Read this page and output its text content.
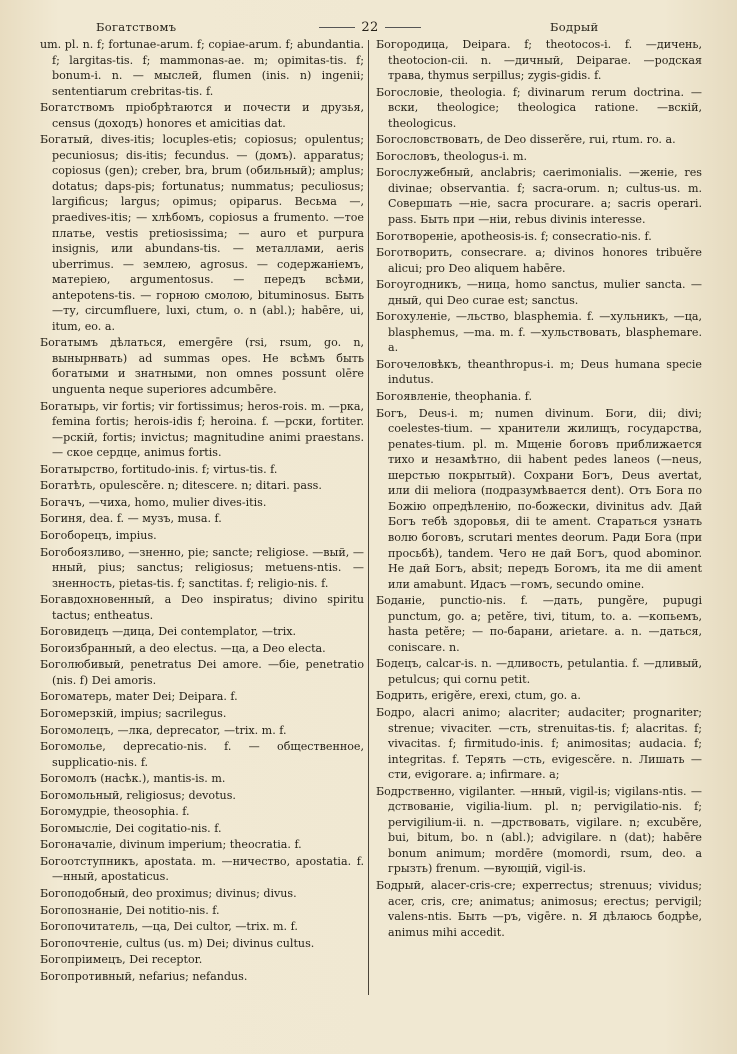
Богатствомъ	22	Бодрый
um. pl. n. f; fortunae-arum. f; copiae-arum. f; abundantia. f; largitas-tis. f; mammonas-ae. m; opimitas-tis. f; bonum-i. n. — мыслей, flumen (inis. n) ingenii; sententiarum crebritas-tis. f.
Богатствомъ пріобрѣтаются и почести и друзья, census (доходъ) honores et amicitias dat.
Богатый, dives-itis; locuples-etis; copiosus; opulentus; pecuniosus; dis-itis; fecundus. — (домъ). apparatus; copiosus (gen); creber, bra, brum (обильный); amplus; dotatus; daps-pis; fortunatus; nummatus; peculiosus; largificus; largus; opimus; opiparus. Весьма —, praedives-itis; — хлѣбомъ, copiosus a frumento. —тое платье, vestis pretiosissima; — auro et purpura insignis, или abundans-tis. — металлами, aeris uberrimus. — землею, agrosus. — содержаніемъ, матеріею, argumentosus. — передъ всѣми, antepotens-tis. — горною смолою, bituminosus. Быть —ту, circumfluere, luxi, ctum, o. n (abl.); habēre, ui, itum, eo. a.
Богатымъ дѣлаться, emergēre (rsi, rsum, go. n, вынырнвать) ad summas opes. Не всѣмъ быть богатыми и знатными, non omnes possunt olēre unguenta neque superiores adcumbēre.
Богатырь, vir fortis; vir fortissimus; heros-rois. m. —рка, femina fortis; herois-idis f; heroina. f. —рски, fortiter. —рскій, fortis; invictus; magnitudine animi praestans. — ское сердце, animus fortis.
Богатырство, fortitudo-inis. f; virtus-tis. f.
Богатѣть, opulescĕre. n; ditescere. n; ditari. pass.
Богачъ, —чиха, homo, mulier dives-itis.
Богиня, dea. f. — музъ, musa. f.
Богоборецъ, impius.
Богобоязливо, —зненно, pie; sancte; religiose. —вый, —нный, pius; sanctus; religiosus; metuens-ntis. —зненность, pietas-tis. f; sanctitas. f; religio-nis. f.
Богавдохновенный, a Deo inspiratus; divino spiritu tactus; entheatus.
Боговидецъ —дица, Dei contemplator, —trix.
Богоизбранный, a deo electus. —ца, a Deo electa.
Боголюбивый, penetratus Dei amore. —біе, penetratio (nis. f) Dei amoris.
Богоматерь, mater Dei; Deipara. f.
Богомерзкій, impius; sacrilegus.
Богомолецъ, —лка, deprecator, —trix. m. f.
Богомолье, deprecatio-nis. f. — общественное, supplicatio-nis. f.
Богомолъ (насѣк.), mantis-is. m.
Богомольный, religiosus; devotus.
Богомудріе, theosophia. f.
Богомысліе, Dei cogitatio-nis. f.
Богоначаліе, divinum imperium; theocratia. f.
Богоотступникъ, apostata. m. —ничество, apostatia. f. —нный, apostaticus.
Богоподобный, deo proximus; divinus; divus.
Богопознаніе, Dei notitio-nis. f.
Богопочитатель, —ца, Dei cultor, —trix. m. f.
Богопочтеніе, cultus (us. m) Dei; divinus cultus.
Богопріимецъ, Dei receptor.
Богопротивный, nefarius; nefandus.
Богородица, Deipara. f; theotocos-i. f. —дичень, theotocion-cii. n. —дичный, Deiparae. —родская трава, thymus serpillus; zygis-gidis. f.
Богословіе, theologia. f; divinarum rerum doctrina. — вски, theologice; theologica ratione. —вскій, theologicus.
Богословствовать, de Deo disserĕre, rui, rtum. ro. a.
Богословъ, theologus-i. m.
Богослужебный, anclabris; caerimonialis. —женіе, res divinae; observantia. f; sacra-orum. n; cultus-us. m. Совершать —ніе, sacra procurare. a; sacris operari. pass. Быть при —ніи, rebus divinis interesse.
Боготвореніе, apotheosis-is. f; consecratio-nis. f.
Боготворить, consecrare. a; divinos honores tribuĕre alicui; pro Deo aliquem habēre.
Богоугодникъ, —ница, homo sanctus, mulier sancta. —дный, qui Deo curae est; sanctus.
Богохуленіе, —льство, blasphemia. f. —хульникъ, —ца, blasphemus, —ma. m. f. —хульствовать, blasphemare. a.
Богочеловѣкъ, theanthropus-i. m; Deus humana specie indutus.
Богоявленіе, theophania. f.
Богъ, Deus-i. m; numen divinum. Боги, dii; divi; coelestes-tium. — хранители жилищъ, государства, penates-tium. pl. m. Мщеніе боговъ приближается тихо и незамѣтно, dii habent pedes laneos (—neus, шерстью покрытый). Сохрани Богъ, Deus avertat, или dii meliora (подразумѣвается dent). Отъ Бога по Божію опредѣленію, по-божески, divinitus adv. Дай Богъ тебѣ здоровья, dii te ament. Стараться узнать волю боговъ, scrutari mentes deorum. Ради Бога (при просьбѣ), tandem. Чего не дай Богъ, quod abominor. Не дай Богъ, absit; передъ Богомъ, ita me dii ament или amabunt. Идасъ —гомъ, secundo omine.
Боданіе, punctio-nis. f. —дать, pungĕre, pupugi punctum, go. a; petĕre, tivi, titum, to. a. —копьемъ, hasta petĕre; — по-барани, arietare. a. n. —даться, coniscare. n.
Бодецъ, calcar-is. n. —дливость, petulantia. f. —дливый, petulcus; qui cornu petit.
Бодрить, erigĕre, erexi, ctum, go. a.
Бодро, alacri animo; alacriter; audaciter; prognariter; strenue; vivaciter. —сть, strenuitas-tis. f; alacritas. f; vivacitas. f; firmitudo-inis. f; animositas; audacia. f; integritas. f. Терять —сть, evigescĕre. n. Лишать —сти, evigorare. a; infirmare. a;
Бодрственно, vigilanter. —нный, vigil-is; vigilans-ntis. —дствованіе, vigilia-lium. pl. n; pervigilatio-nis. f; pervigilium-ii. n. —дрствовать, vigilare. n; excubĕre, bui, bitum, bo. n (abl.); advigilare. n (dat); habēre bonum animum; mordēre (momordi, rsum, deo. a грызть) frenum. —вующій, vigil-is.
Бодрый, alacer-cris-cre; experrectus; strenuus; vividus; acer, cris, cre; animatus; animosus; erectus; pervigil; valens-ntis. Быть —ръ, vigēre. n. Я дѣлаюсь бодрѣе, animus mihi accedit.
